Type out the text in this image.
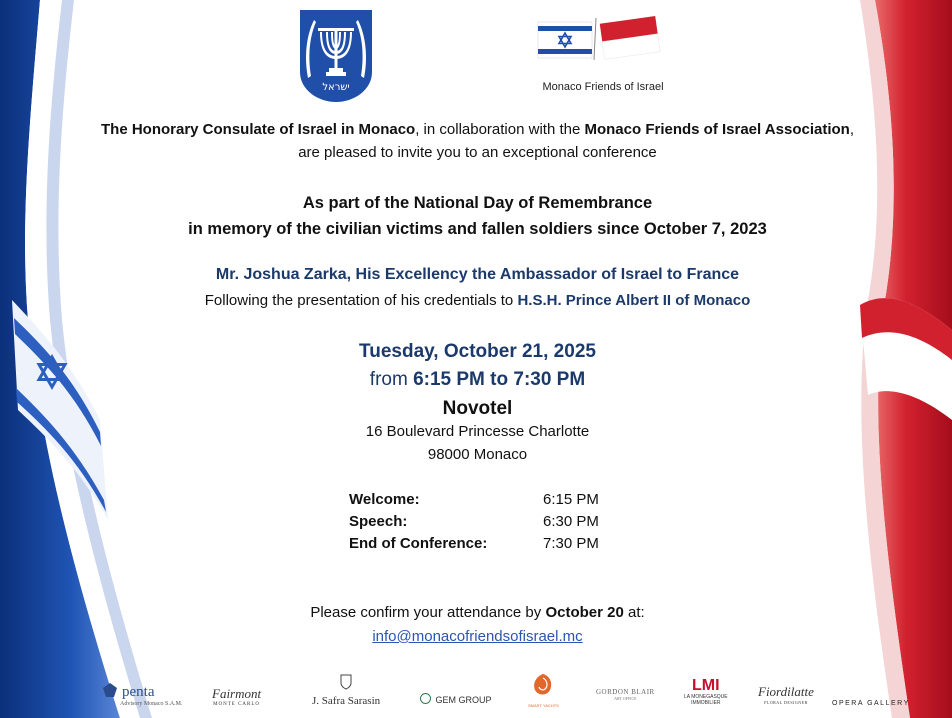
ישראל	Monaco Friends of Israel
The Honorary Consulate of Israel in Monaco, in collaboration with the Monaco Friends of Israel Association, are pleased to invite you to an exceptional conference
As part of the National Day of Remembrance
in memory of the civilian victims and fallen soldiers since October 7, 2023
Mr. Joshua Zarka, His Excellency the Ambassador of Israel to France
Following the presentation of his credentials to H.S.H. Prince Albert II of Monaco
Tuesday, October 21, 2025
from 6:15 PM to 7:30 PM
Novotel
16 Boulevard Princesse Charlotte
98000 Monaco
Welcome:	6:15 PM
Speech:	6:30 PM
End of Conference:	7:30 PM
Please confirm your attendance by October 20 at:
info@monacofriendsofisrael.mc
penta
Advisory Monaco S.A.M.
Fairmont
MONTE CARLO	J. Safra Sarasin	GEM GROUP
SMART YACHTS
GORDON BLAIR
ART OFFICE
LMI
LA MONEGASQUE
IMMOBILIER
Fiordilatte
FLORAL DESIGNER	OPERA GALLERY
